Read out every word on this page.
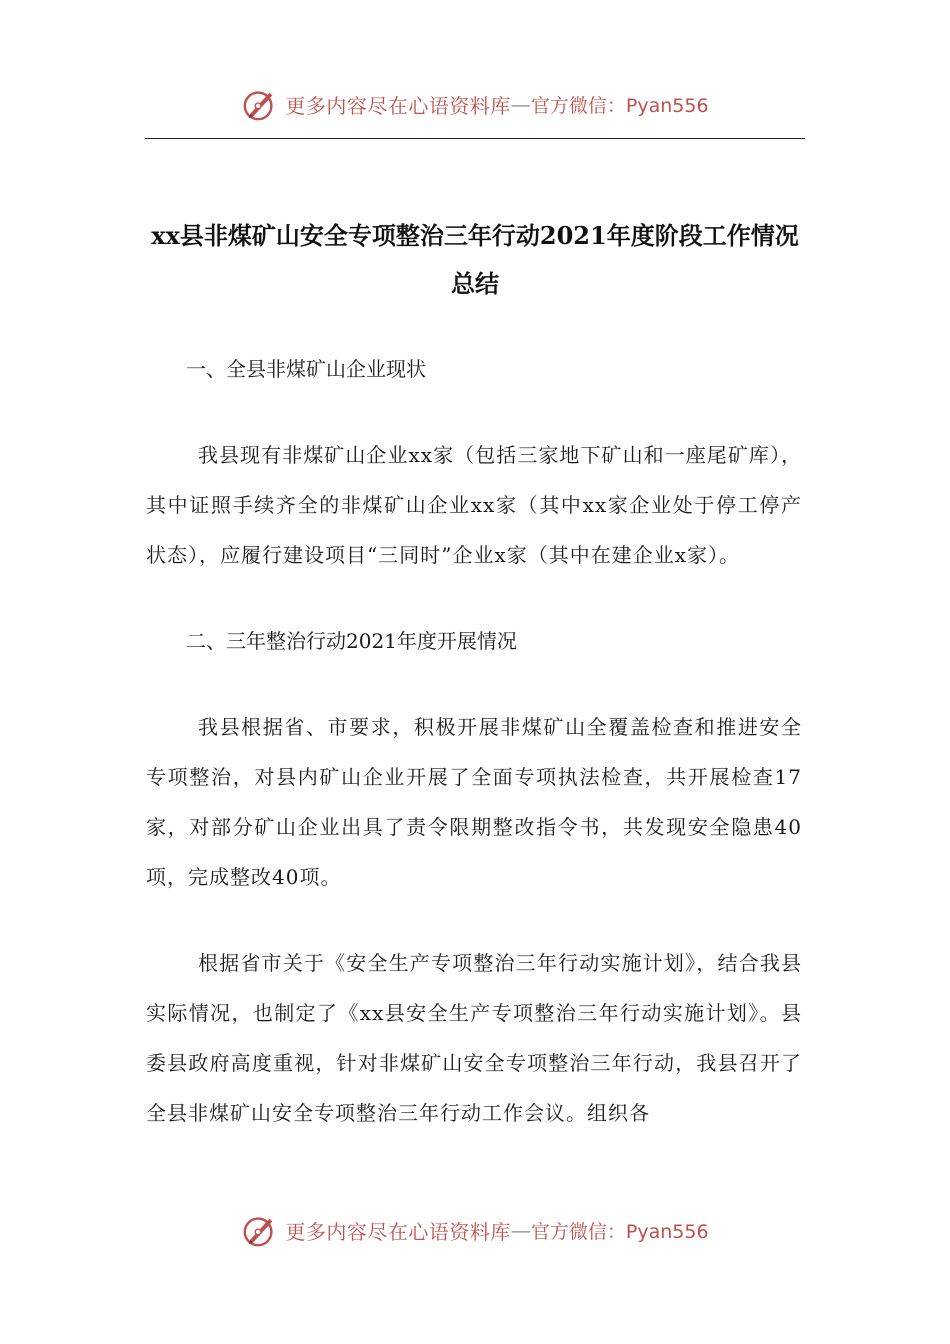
更多内容尽在心语资料库 — 官方微信：Pyan556
xx县非煤矿山安全专项整治三年行动2021年度阶段工作情况总结

一、全县非煤矿山企业现状

我县现有非煤矿山企业xx家（包括三家地下矿山和一座尾矿库），其中证照手续齐全的非煤矿山企业xx家（其中xx家企业处于停工停产状态），应履行建设项目“三同时”企业x家（其中在建企业x家）。

二、三年整治行动2021年度开展情况

我县根据省、市要求，积极开展非煤矿山全覆盖检查和推进安全专项整治，对县内矿山企业开展了全面专项执法检查，共开展检查17家，对部分矿山企业出具了责令限期整改指令书，共发现安全隐患40项，完成整改40项。

根据省市关于《安全生产专项整治三年行动实施计划》，结合我县实际情况，也制定了《xx县安全生产专项整治三年行动实施计划》。县委县政府高度重视，针对非煤矿山安全专项整治三年行动，我县召开了全县非煤矿山安全专项整治三年行动工作会议。组织各

更多内容尽在心语资料库 — 官方微信：Pyan556
